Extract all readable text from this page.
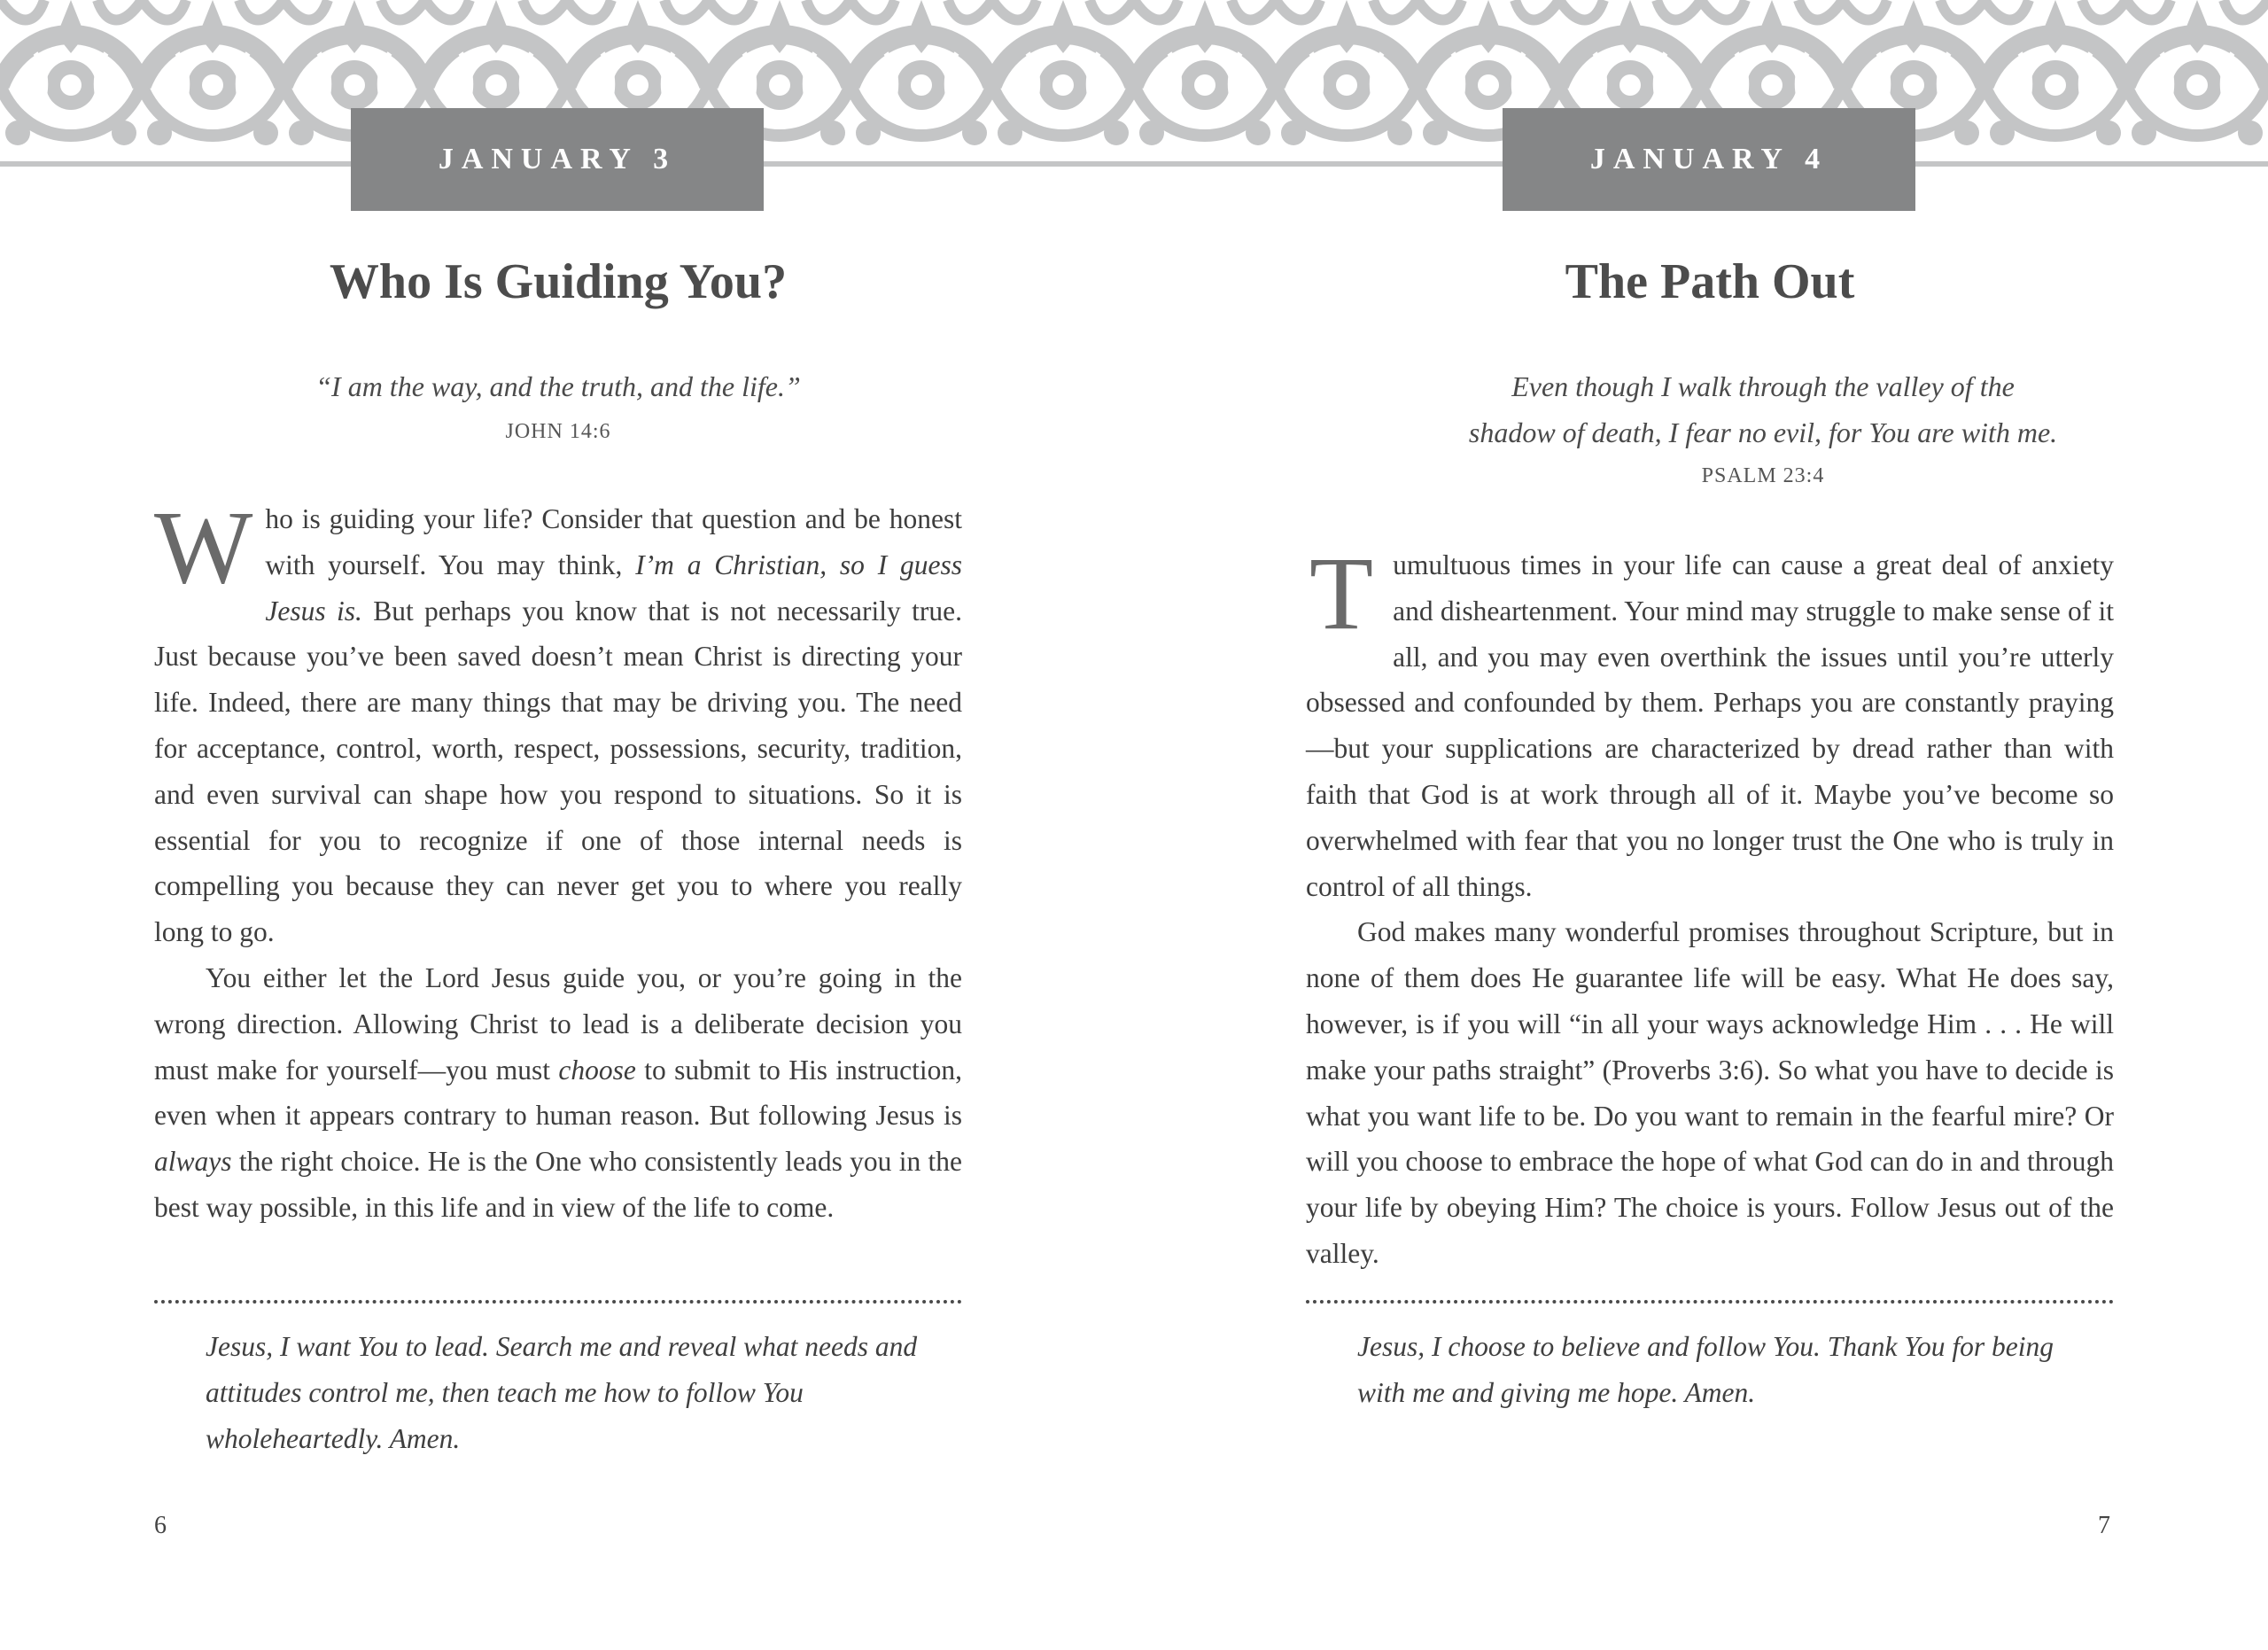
JANUARY 3
Who Is Guiding You?
“I am the way, and the truth, and the life.”
JOHN 14:6

Who is guiding your life? Consider that question and be honest with yourself. You may think, I’m a Christian, so I guess Jesus is. But perhaps you know that is not necessarily true. Just because you’ve been saved doesn’t mean Christ is directing your life. Indeed, there are many things that may be driving you. The need for acceptance, control, worth, respect, possessions, security, tradition, and even survival can shape how you respond to situations. So it is essential for you to recognize if one of those internal needs is compelling you because they can never get you to where you really long to go.

You either let the Lord Jesus guide you, or you’re going in the wrong direction. Allowing Christ to lead is a deliberate decision you must make for yourself—you must choose to submit to His instruction, even when it appears contrary to human reason. But following Jesus is always the right choice. He is the One who consistently leads you in the best way possible, in this life and in view of the life to come.

Jesus, I want You to lead. Search me and reveal what needs and attitudes control me, then teach me how to follow You wholeheartedly. Amen.
6
JANUARY 4
The Path Out
Even though I walk through the valley of the
shadow of death, I fear no evil, for You are with me.
PSALM 23:4

Tumultuous times in your life can cause a great deal of anxiety and disheartenment. Your mind may struggle to make sense of it all, and you may even overthink the issues until you’re utterly obsessed and confounded by them. Perhaps you are constantly praying—but your supplications are characterized by dread rather than with faith that God is at work through all of it. Maybe you’ve become so overwhelmed with fear that you no longer trust the One who is truly in control of all things.

God makes many wonderful promises throughout Scripture, but in none of them does He guarantee life will be easy. What He does say, however, is if you will “in all your ways acknowledge Him . . . He will make your paths straight” (Proverbs 3:6). So what you have to decide is what you want life to be. Do you want to remain in the fearful mire? Or will you choose to embrace the hope of what God can do in and through your life by obeying Him? The choice is yours. Follow Jesus out of the valley.

Jesus, I choose to believe and follow You. Thank You for being with me and giving me hope. Amen.
7
